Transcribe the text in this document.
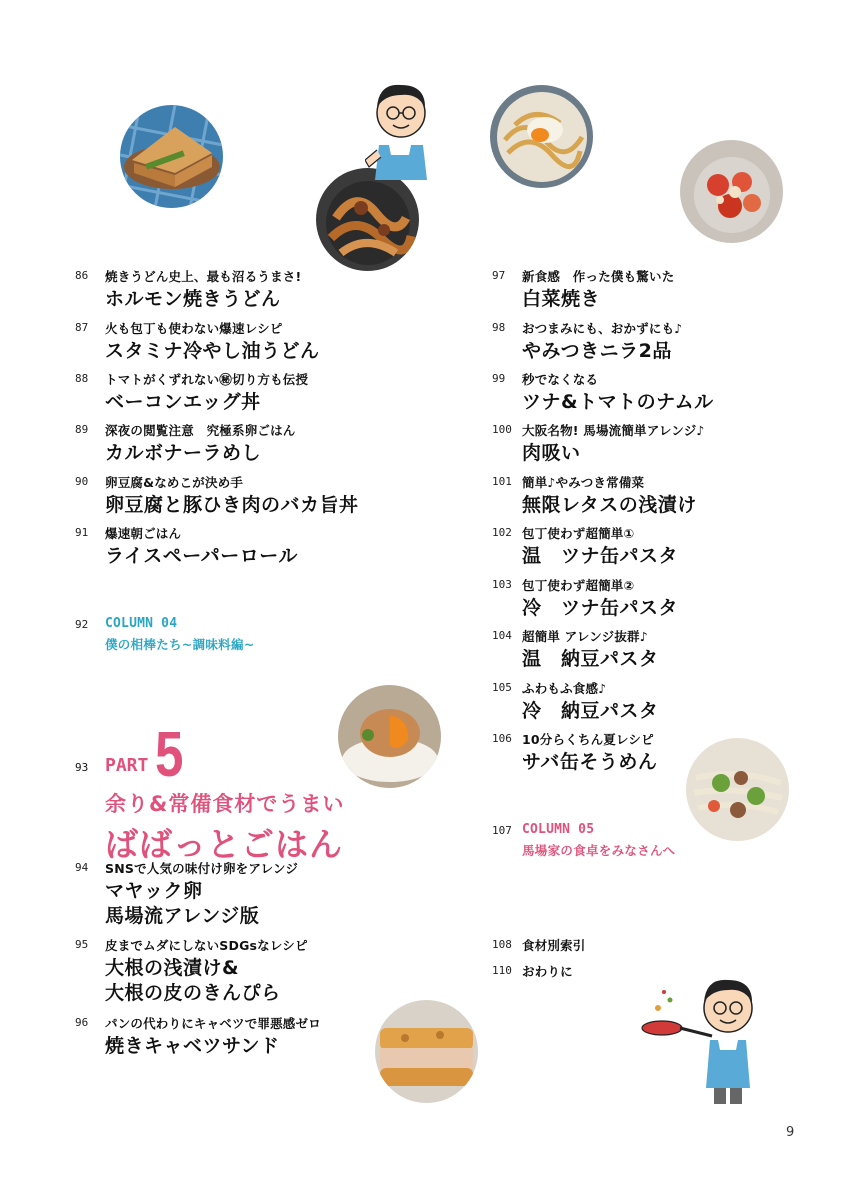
86 焼きうどん史上、最も沼るうまさ!
ホルモン焼きうどん
87 火も包丁も使わない爆速レシピ
スタミナ冷やし油うどん
88 トマトがくずれない㊙切り方も伝授
ベーコンエッグ丼
89 深夜の閲覧注意　究極系卵ごはん
カルボナーラめし
90 卵豆腐&なめこが決め手
卵豆腐と豚ひき肉のバカ旨丼
91 爆速朝ごはん
ライスペーパーロール
92 COLUMN 04
僕の相棒たち~調味料編~
93 PART 5
余り&常備食材でうまい
ばばっとごはん
94 SNSで人気の味付け卵をアレンジ
マヤック卵
馬場流アレンジ版
95 皮までムダにしないSDGsなレシピ
大根の浅漬け&
大根の皮のきんぴら
96 パンの代わりにキャベツで罪悪感ゼロ
焼きキャベツサンド
97 新食感　作った僕も驚いた
白菜焼き
98 おつまみにも、おかずにも♪
やみつきニラ2品
99 秒でなくなる
ツナ&トマトのナムル
100 大阪名物! 馬場流簡単アレンジ♪
肉吸い
101 簡単♪やみつき常備菜
無限レタスの浅漬け
102 包丁使わず超簡単①
温　ツナ缶パスタ
103 包丁使わず超簡単②
冷　ツナ缶パスタ
104 超簡単 アレンジ抜群♪
温　納豆パスタ
105 ふわもふ食感♪
冷　納豆パスタ
106 10分らくちん夏レシピ
サバ缶そうめん
107 COLUMN 05
馬場家の食卓をみなさんへ
108 食材別索引
110 おわりに
9
